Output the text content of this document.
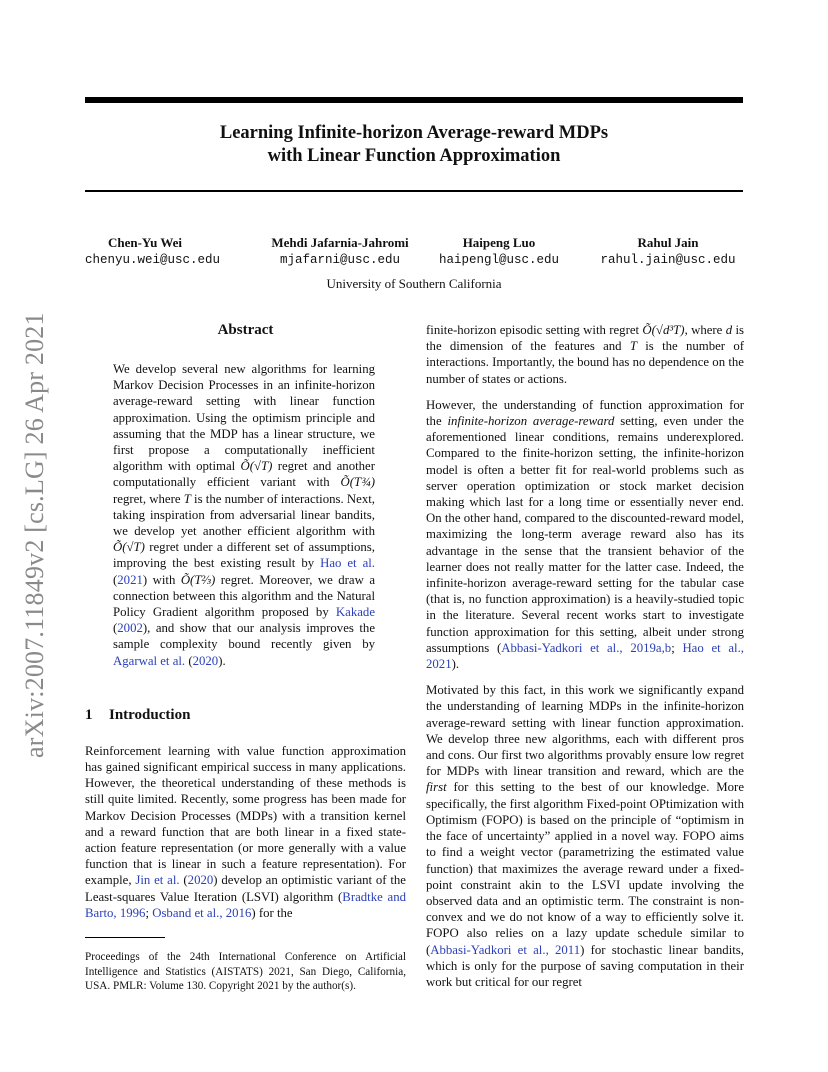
Learning Infinite-horizon Average-reward MDPs
with Linear Function Approximation
Chen-Yu Wei
chenyu.wei@usc.edu
Mehdi Jafarnia-Jahromi
mjafarni@usc.edu
Haipeng Luo
haipengl@usc.edu
Rahul Jain
rahul.jain@usc.edu
University of Southern California
arXiv:2007.11849v2 [cs.LG] 26 Apr 2021	Abstract
We develop several new algorithms for learning Markov Decision Processes in an infinite-horizon average-reward setting with linear function approximation. Using the optimism principle and assuming that the MDP has a linear structure, we first propose a computationally inefficient algorithm with optimal Õ(√T) regret and another computationally efficient variant with Õ(T¾) regret, where T is the number of interactions. Next, taking inspiration from adversarial linear bandits, we develop yet another efficient algorithm with Õ(√T) regret under a different set of assumptions, improving the best existing result by Hao et al. (2021) with Õ(T⅔) regret. Moreover, we draw a connection between this algorithm and the Natural Policy Gradient algorithm proposed by Kakade (2002), and show that our analysis improves the sample complexity bound recently given by Agarwal et al. (2020).
1 Introduction
Reinforcement learning with value function approximation has gained significant empirical success in many applications. However, the theoretical understanding of these methods is still quite limited. Recently, some progress has been made for Markov Decision Processes (MDPs) with a transition kernel and a reward function that are both linear in a fixed state-action feature representation (or more generally with a value function that is linear in such a feature representation). For example, Jin et al. (2020) develop an optimistic variant of the Least-squares Value Iteration (LSVI) algorithm (Bradtke and Barto, 1996; Osband et al., 2016) for the
finite-horizon episodic setting with regret Õ(√d³T), where d is the dimension of the features and T is the number of interactions. Importantly, the bound has no dependence on the number of states or actions.
However, the understanding of function approximation for the infinite-horizon average-reward setting, even under the aforementioned linear conditions, remains underexplored. Compared to the finite-horizon setting, the infinite-horizon model is often a better fit for real-world problems such as server operation optimization or stock market decision making which last for a long time or essentially never end. On the other hand, compared to the discounted-reward model, maximizing the long-term average reward also has its advantage in the sense that the transient behavior of the learner does not really matter for the latter case. Indeed, the infinite-horizon average-reward setting for the tabular case (that is, no function approximation) is a heavily-studied topic in the literature. Several recent works start to investigate function approximation for this setting, albeit under strong assumptions (Abbasi-Yadkori et al., 2019a,b; Hao et al., 2021).
Motivated by this fact, in this work we significantly expand the understanding of learning MDPs in the infinite-horizon average-reward setting with linear function approximation. We develop three new algorithms, each with different pros and cons. Our first two algorithms provably ensure low regret for MDPs with linear transition and reward, which are the first for this setting to the best of our knowledge. More specifically, the first algorithm Fixed-point OPtimization with Optimism (FOPO) is based on the principle of “optimism in the face of uncertainty” applied in a novel way. FOPO aims to find a weight vector (parametrizing the estimated value function) that maximizes the average reward under a fixed-point constraint akin to the LSVI update involving the observed data and an optimistic term. The constraint is non-convex and we do not know of a way to efficiently solve it. FOPO also relies on a lazy update schedule similar to (Abbasi-Yadkori et al., 2011) for stochastic linear bandits, which is only for the purpose of saving computation in their work but critical for our regret
Proceedings of the 24th International Conference on Artificial Intelligence and Statistics (AISTATS) 2021, San Diego, California, USA. PMLR: Volume 130. Copyright 2021 by the author(s).
